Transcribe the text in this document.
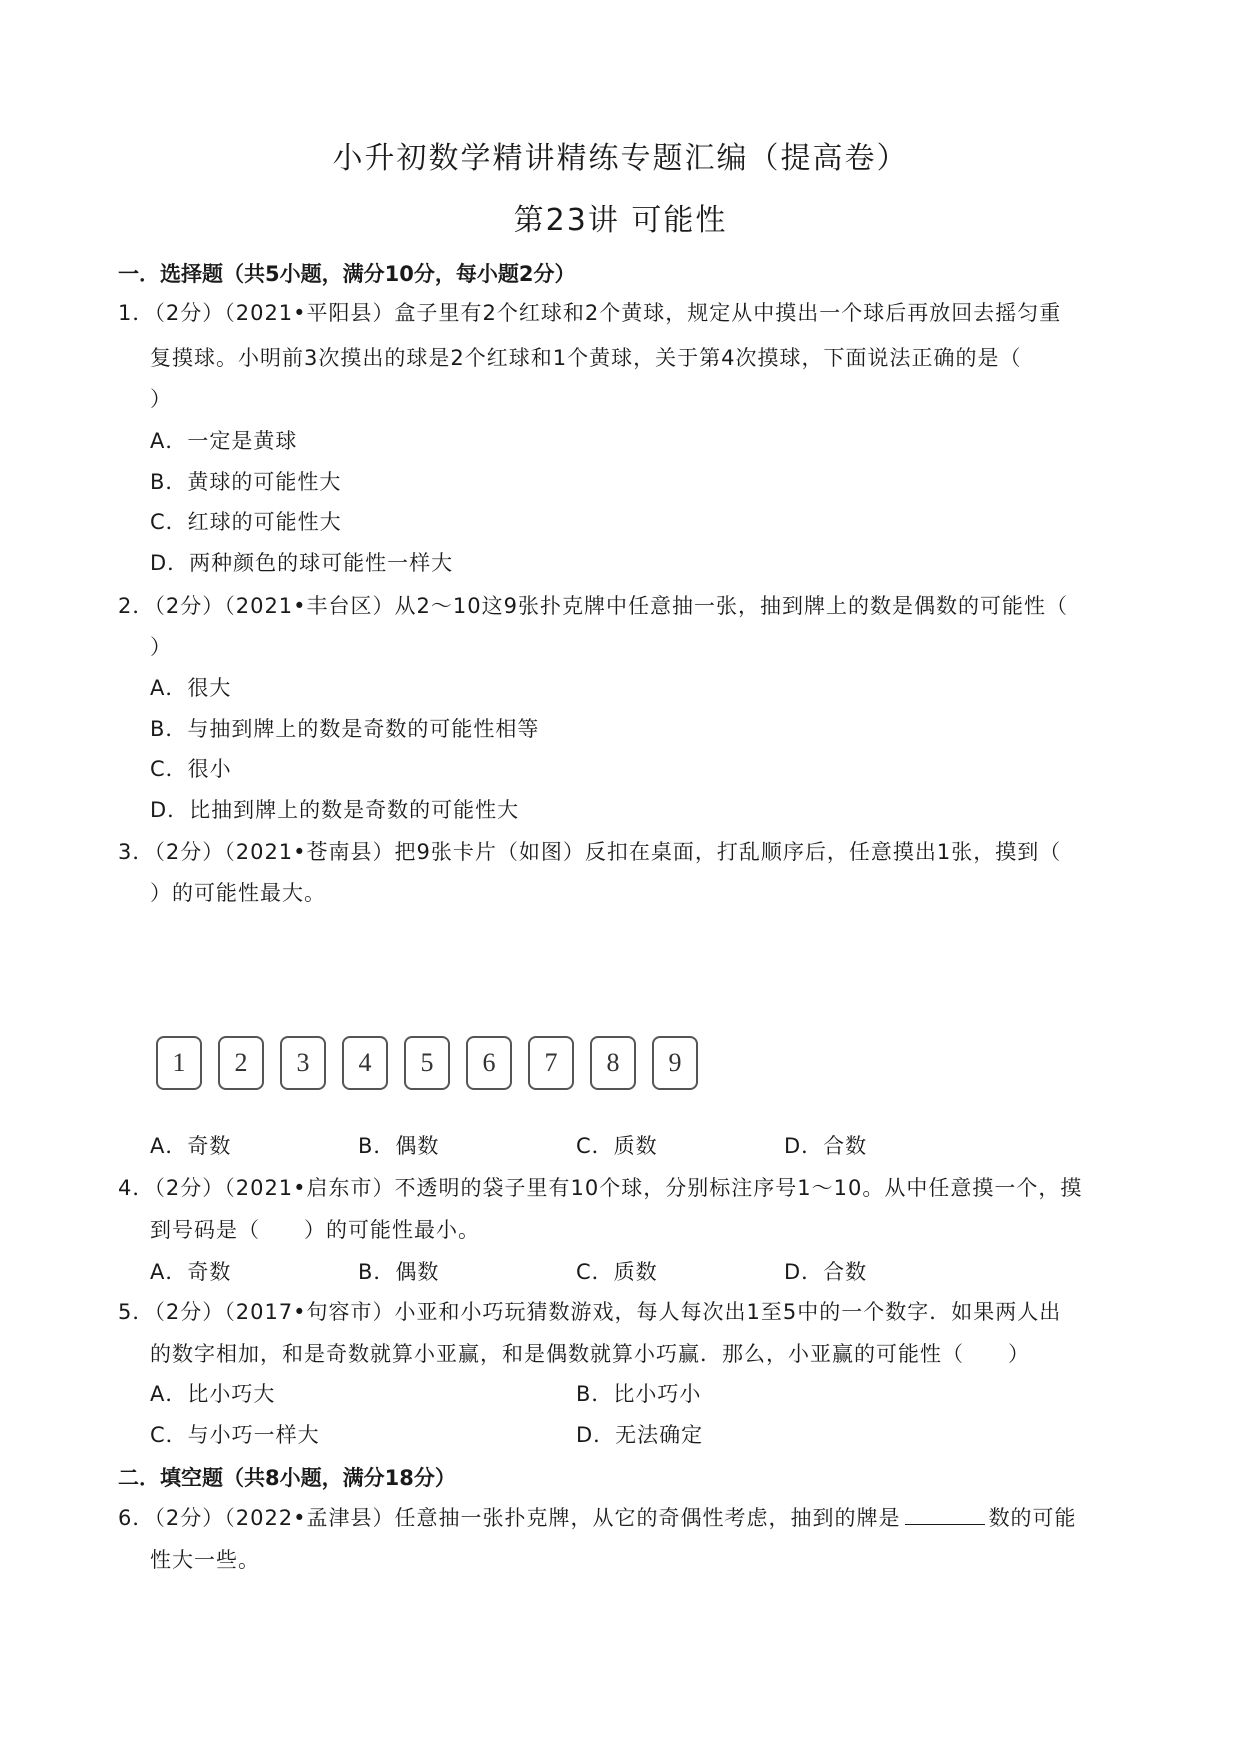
小升初数学精讲精练专题汇编（提高卷）
第23讲 可能性
一．选择题（共5小题，满分10分，每小题2分）
1．（2分）（2021•平阳县）盒子里有2个红球和2个黄球，规定从中摸出一个球后再放回去摇匀重
复摸球。小明前3次摸出的球是2个红球和1个黄球，关于第4次摸球，下面说法正确的是（
）
A．一定是黄球
B．黄球的可能性大
C．红球的可能性大
D．两种颜色的球可能性一样大
2．（2分）（2021•丰台区）从2～10这9张扑克牌中任意抽一张，抽到牌上的数是偶数的可能性（
）
A．很大
B．与抽到牌上的数是奇数的可能性相等
C．很小
D．比抽到牌上的数是奇数的可能性大
3．（2分）（2021•苍南县）把9张卡片（如图）反扣在桌面，打乱顺序后，任意摸出1张，摸到（
）的可能性最大。
1	2	3	4	5	6	7	8	9
A．奇数	B．偶数	C．质数	D．合数
4．（2分）（2021•启东市）不透明的袋子里有10个球，分别标注序号1～10。从中任意摸一个，摸
到号码是（　　）的可能性最小。
A．奇数	B．偶数	C．质数	D．合数
5．（2分）（2017•句容市）小亚和小巧玩猜数游戏，每人每次出1至5中的一个数字．如果两人出
的数字相加，和是奇数就算小亚赢，和是偶数就算小巧赢．那么，小亚赢的可能性（　　）
A．比小巧大	B．比小巧小
C．与小巧一样大	D．无法确定
二．填空题（共8小题，满分18分）
6．（2分）（2022•孟津县）任意抽一张扑克牌，从它的奇偶性考虑，抽到的牌是	数的可能
性大一些。
